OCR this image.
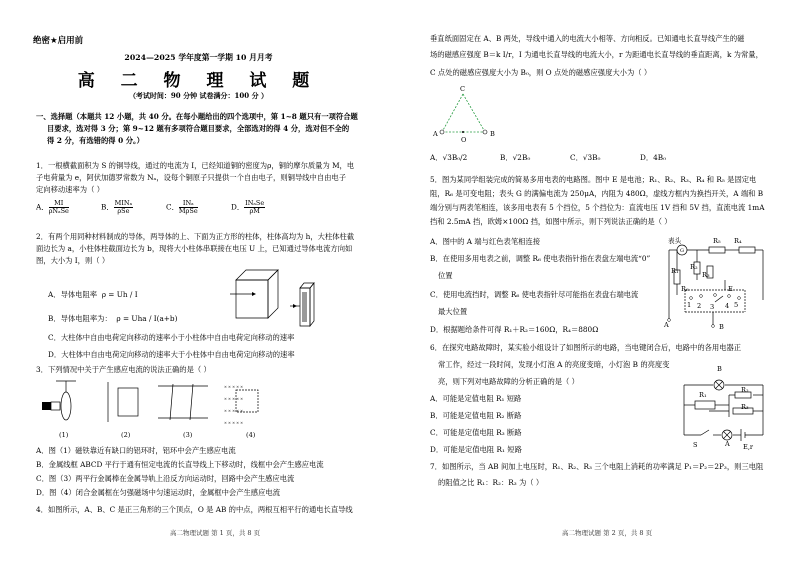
绝密★启用前
2024—2025 学年度第一学期 10 月月考
高 二 物 理 试 题
（考试时间：90 分钟 试卷满分：100 分 ）
一、选择题（本题共 12 小题，共 40 分。在每小题给出的四个选项中，第 1~8 题只有一项符合题
目要求，选对得 3 分；第 9~12 题有多项符合题目要求，全部选对的得 4 分，选对但不全的
得 2 分，有选错的得 0 分。）
1．一根横截面积为 S 的铜导线，通过的电流为 I，已经知道铜的密度为ρ，铜的摩尔质量为 M，电
子电荷量为 e，阿伏加德罗常数为 Nₐ，设每个铜原子只提供一个自由电子，则铜导线中自由电子
定向移动速率为（ ）
A． $\frac{MI}{\text{ρNₐSe}}$	B． $\frac{\text{MINₐ}}{\text{ρSe}}$	C． $\frac{\text{INₐ}}{\text{MρSe}}$	D． $\frac{\text{INₐSe}}{\rho M}$
2．有两个用同种材料制成的导体，两导体的上、下面为正方形的柱体，柱体高均为 h，大柱体柱截
面边长为 a，小柱体柱截面边长为 b，现将大小柱体串联接在电压 U 上，已知通过导体电流方向如
图，大小为 I，则（ ）
A．导体电阻率 ρ = Uh / I
B．导体电阻率为： ρ = Uha / I(a+b)
C．大柱体中自由电荷定向移动的速率小于小柱体中自由电荷定向移动的速率
D．大柱体中自由电荷定向移动的速率大于小柱体中自由电荷定向移动的速率
3．下列情况中关于产生感应电流的说法正确的是（ ）
× × × × ×
× × × × ×
× × × × ×
× × × × ×
(1)	(2)	(3)	(4)
A．图（1）磁铁靠近有缺口的铝环时，铝环中会产生感应电流
B．金属线框 ABCD 平行于通有恒定电流的长直导线上下移动时，线框中会产生感应电流
C．图（3）两平行金属棒在金属导轨上沿反方向运动时，回路中会产生感应电流
D．图（4）闭合金属框在匀强磁场中匀速运动时，金属框中会产生感应电流
4．如图所示，A、B、C 是正三角形的三个顶点，O 是 AB 的中点，两根互相平行的通电长直导线
高二物理试题 第 1 页，共 8 页
垂直纸面固定在 A、B 两处，导线中通入的电流大小相等、方向相反。已知通电长直导线产生的磁
场的磁感应强度 B＝k I/r，I 为通电长直导线的电流大小，r 为距通电长直导线的垂直距离，k 为常量，
C 点处的磁感应强度大小为 B₀，则 O 点处的磁感应强度大小为（ ）
C
A
O
B
A．√3B₀/2	B．√2B₀	C．√3B₀	D．4B₀
5．图为某同学组装完成的简易多用电表的电路图。图中 E 是电池；R₁、R₂、R₃、R₄ 和 R₅ 是固定电
阻，R₆ 是可变电阻；表头 G 的满偏电流为 250μA，内阻为 480Ω，虚线方框内为换挡开关，A 端和 B
端分别与两表笔相连，该多用电表有 5 个挡位，5 个挡位为：直流电压 1V 挡和 5V 挡，直流电流 1mA
挡和 2.5mA 挡，欧姆×100Ω 挡，如图中所示，则下列说法正确的是（ ）
A．图中的 A 端与红色表笔相连接
B．在使用多用电表之前，调整 R₆ 使电表指针指在表盘左端电流“0”
位置
C．使用电流挡时，调整 R₆ 使电表指针尽可能指在表盘右端电流
最大位置
D．根据题给条件可得 R₁＋R₂＝160Ω，R₄＝880Ω
G
表头
A	B
E
1 2 3 4 5
R₁ R₂
R₃
R₄
R₅
R₆
6．在探究电路故障时，某实验小组设计了如图所示的电路，当电键闭合后，电路中的各用电器正
常工作，经过一段时间，发现小灯泡 A 的亮度变暗，小灯泡 B 的亮度变
亮，则下列对电路故障的分析正确的是（ ）
A．可能是定值电阻 R₁ 短路
B．可能是定值电阻 R₂ 断路
C．可能是定值电阻 R₃ 断路
D．可能是定值电阻 R₁ 短路
B
A
R₁
R₂
R₃
S	E,r
7．如图所示，当 AB 间加上电压时，R₁、R₂、R₃ 三个电阻上消耗的功率满足 P₁＝P₂＝2P₃，则三电阻
的阻值之比 R₁：R₂：R₃ 为（ ）
高二物理试题 第 2 页，共 8 页
